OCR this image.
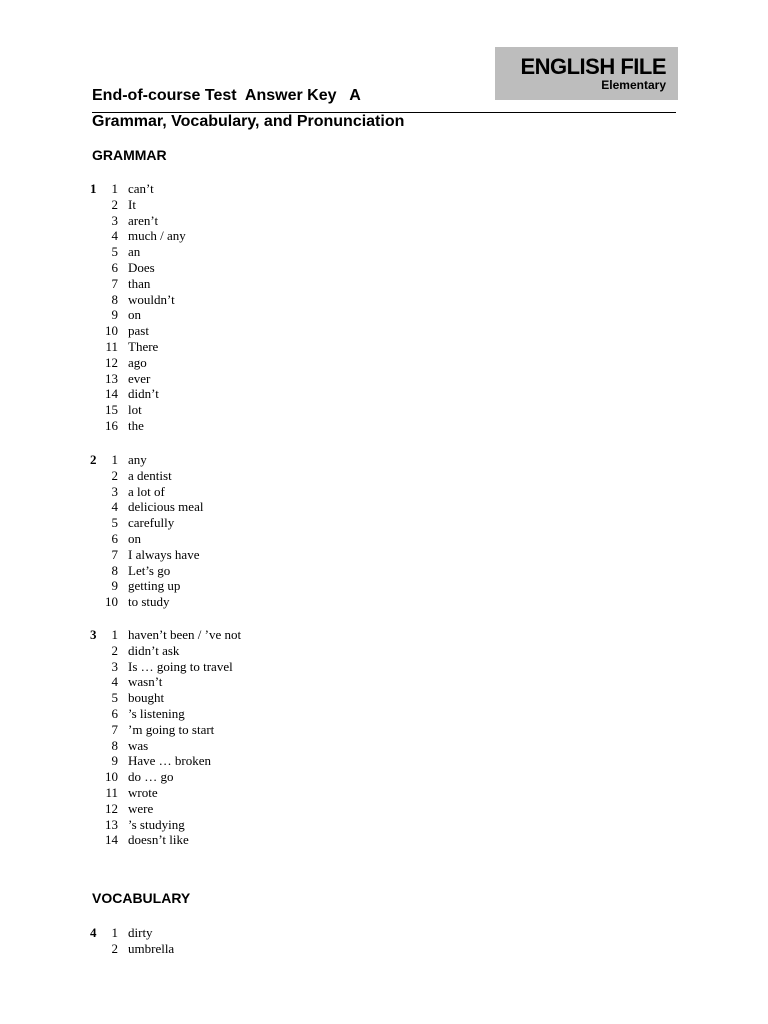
ENGLISH FILE
Elementary
End-of-course Test  Answer Key   A
Grammar, Vocabulary, and Pronunciation
GRAMMAR
1	1 can’t
2 It
3 aren’t
4 much / any
5 an
6 Does
7 than
8 wouldn’t
9 on
10 past
11 There
12 ago
13 ever
14 didn’t
15 lot
16 the
2	1 any
2 a dentist
3 a lot of
4 delicious meal
5 carefully
6 on
7 I always have
8 Let’s go
9 getting up
10 to study
3	1 haven’t been / ’ve not
2 didn’t ask
3 Is … going to travel
4 wasn’t
5 bought
6 ’s listening
7 ’m going to start
8 was
9 Have … broken
10 do … go
11 wrote
12 were
13 ’s studying
14 doesn’t like
VOCABULARY
4	1 dirty
2 umbrella
